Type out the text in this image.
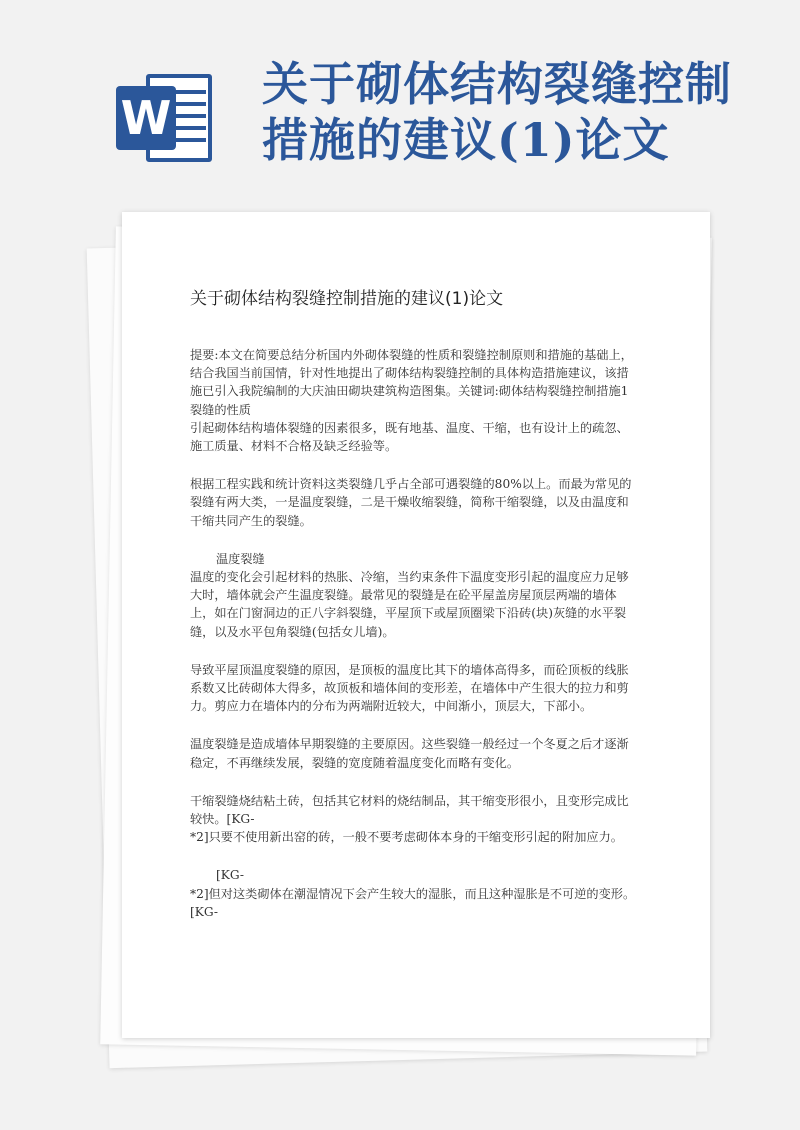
W
关于砌体结构裂缝控制
措施的建议(1)论文
关于砌体结构裂缝控制措施的建议(1)论文

提要:本文在简要总结分析国内外砌体裂缝的性质和裂缝控制原则和措施的基础上，结合我国当前国情，针对性地提出了砌体结构裂缝控制的具体构造措施建议，该措施已引入我院编制的大庆油田砌块建筑构造图集。关键词:砌体结构裂缝控制措施1 裂缝的性质

引起砌体结构墙体裂缝的因素很多，既有地基、温度、干缩，也有设计上的疏忽、施工质量、材料不合格及缺乏经验等。

根据工程实践和统计资料这类裂缝几乎占全部可遇裂缝的80%以上。而最为常见的裂缝有两大类，一是温度裂缝，二是干燥收缩裂缝，简称干缩裂缝，以及由温度和干缩共同产生的裂缝。

温度裂缝

温度的变化会引起材料的热胀、冷缩，当约束条件下温度变形引起的温度应力足够大时，墙体就会产生温度裂缝。最常见的裂缝是在砼平屋盖房屋顶层两端的墙体上，如在门窗洞边的正八字斜裂缝，平屋顶下或屋顶圈梁下沿砖(块)灰缝的水平裂缝，以及水平包角裂缝(包括女儿墙)。

导致平屋顶温度裂缝的原因，是顶板的温度比其下的墙体高得多，而砼顶板的线胀系数又比砖砌体大得多，故顶板和墙体间的变形差，在墙体中产生很大的拉力和剪力。剪应力在墙体内的分布为两端附近较大，中间渐小，顶层大，下部小。

温度裂缝是造成墙体早期裂缝的主要原因。这些裂缝一般经过一个冬夏之后才逐渐稳定，不再继续发展，裂缝的宽度随着温度变化而略有变化。

干缩裂缝烧结粘土砖，包括其它材料的烧结制品，其干缩变形很小，且变形完成比较快。[KG-

*2]只要不使用新出窑的砖，一般不要考虑砌体本身的干缩变形引起的附加应力。

[KG-

*2]但对这类砌体在潮湿情况下会产生较大的湿胀，而且这种湿胀是不可逆的变形。[KG-
